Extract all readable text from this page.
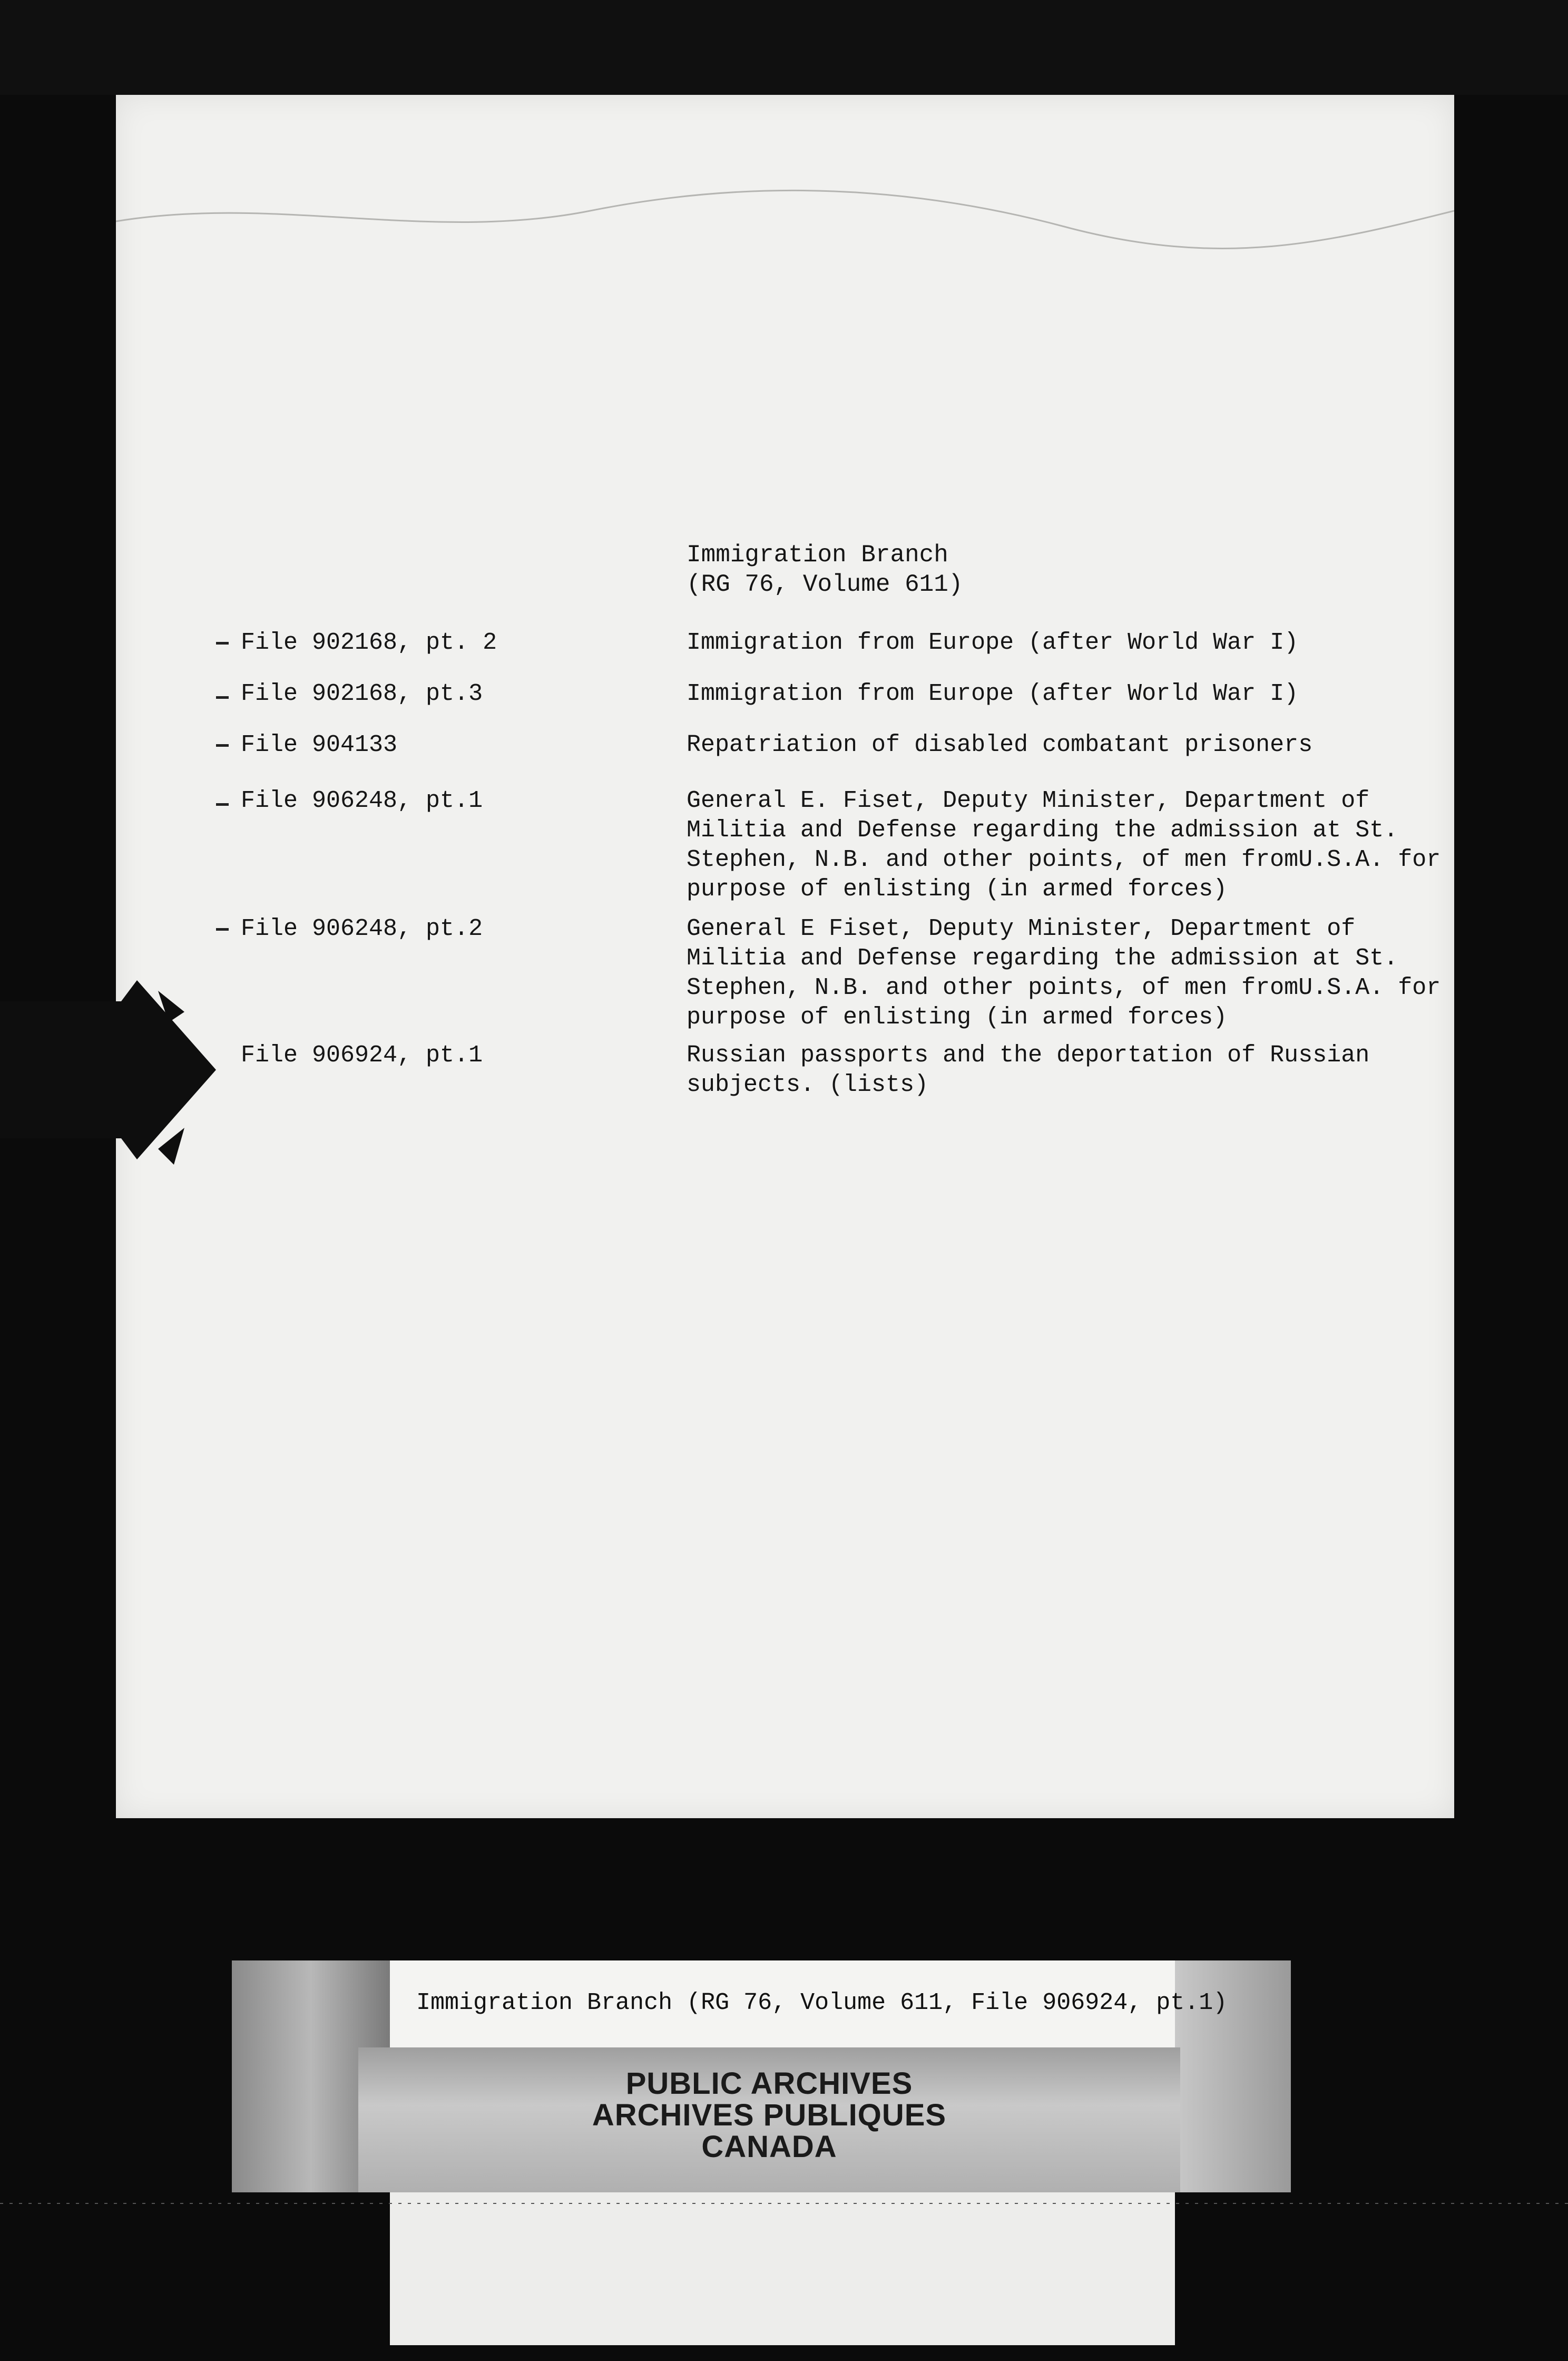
Immigration Branch
(RG 76, Volume 611)
File 902168, pt. 2	Immigration from Europe (after World War I)
File 902168, pt.3	Immigration from Europe (after World War I)
File 904133	Repatriation of disabled combatant prisoners
File 906248, pt.1	General E. Fiset, Deputy Minister, Department of Militia and Defense regarding the admission at St. Stephen, N.B. and other points, of men fromU.S.A. for purpose of enlisting (in armed forces)
File 906248, pt.2	General E Fiset, Deputy Minister, Department of Militia and Defense regarding the admission at St. Stephen, N.B. and other points, of men fromU.S.A. for purpose of enlisting (in armed forces)
File 906924, pt.1	Russian passports and the deportation of Russian subjects. (lists)
Immigration Branch (RG 76, Volume 611, File 906924, pt.1)
PUBLIC ARCHIVES
ARCHIVES PUBLIQUES
CANADA
